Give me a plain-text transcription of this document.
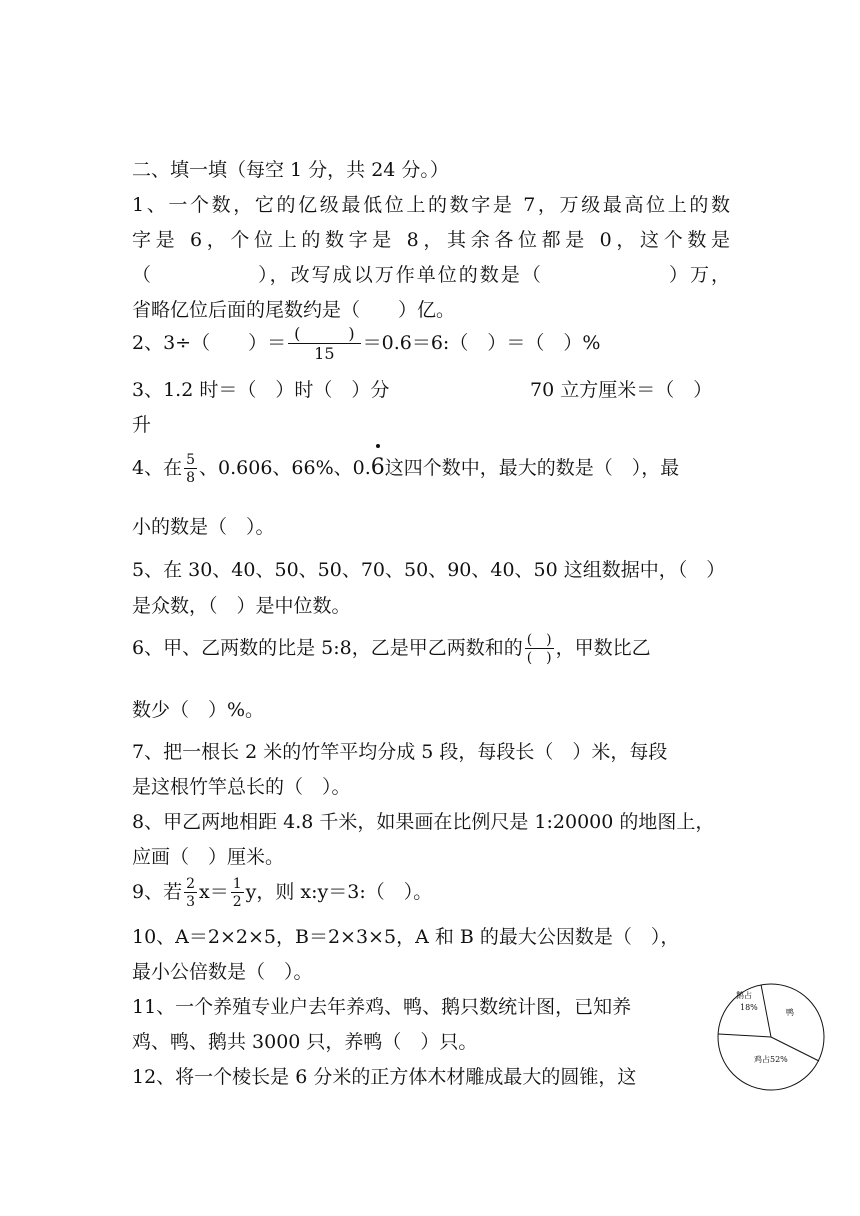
二、填一填（每空 1 分，共 24 分。）
1、一个数，它的亿级最低位上的数字是 7，万级最高位上的数
字是 6，个位上的数字是 8，其余各位都是 0，这个数是
（　　　　　），改写成以万作单位的数是（　　　　　　）万，
省略亿位后面的尾数约是（　　）亿。
2、3÷（　　）＝ $\frac{( )}{15}$ ＝0.6＝6:（　）＝（　）%
3、1.2 时＝（　）时（　）分	70 立方厘米＝（　）
升
4、在 $\frac{5}{8}$ 、0.606、66%、0.6这四个数中，最大的数是（　），最
小的数是（　）。
5、在 30、40、50、50、70、50、90、40、50 这组数据中，（　）
是众数，（　）是中位数。
6、甲、乙两数的比是 5:8，乙是甲乙两数和的 $\frac{( )}{( )}$ ，甲数比乙
数少（　）%。
7、把一根长 2 米的竹竿平均分成 5 段，每段长（　）米，每段
是这根竹竿总长的（　）。
8、甲乙两地相距 4.8 千米，如果画在比例尺是 1:20000 的地图上，
应画（　）厘米。
9、若 $\frac{2}{3} x= \frac{1}{2}$ y，则 x:y＝3:（　）。
10、A＝2×2×5，B＝2×3×5，A 和 B 的最大公因数是（　），
最小公倍数是（　）。
11、一个养殖专业户去年养鸡、鸭、鹅只数统计图，已知养
鸡、鸭、鹅共 3000 只，养鸭（　）只。
12、将一个棱长是 6 分米的正方体木材雕成最大的圆锥，这
鹅占
18%
鸭
鸡占52%
